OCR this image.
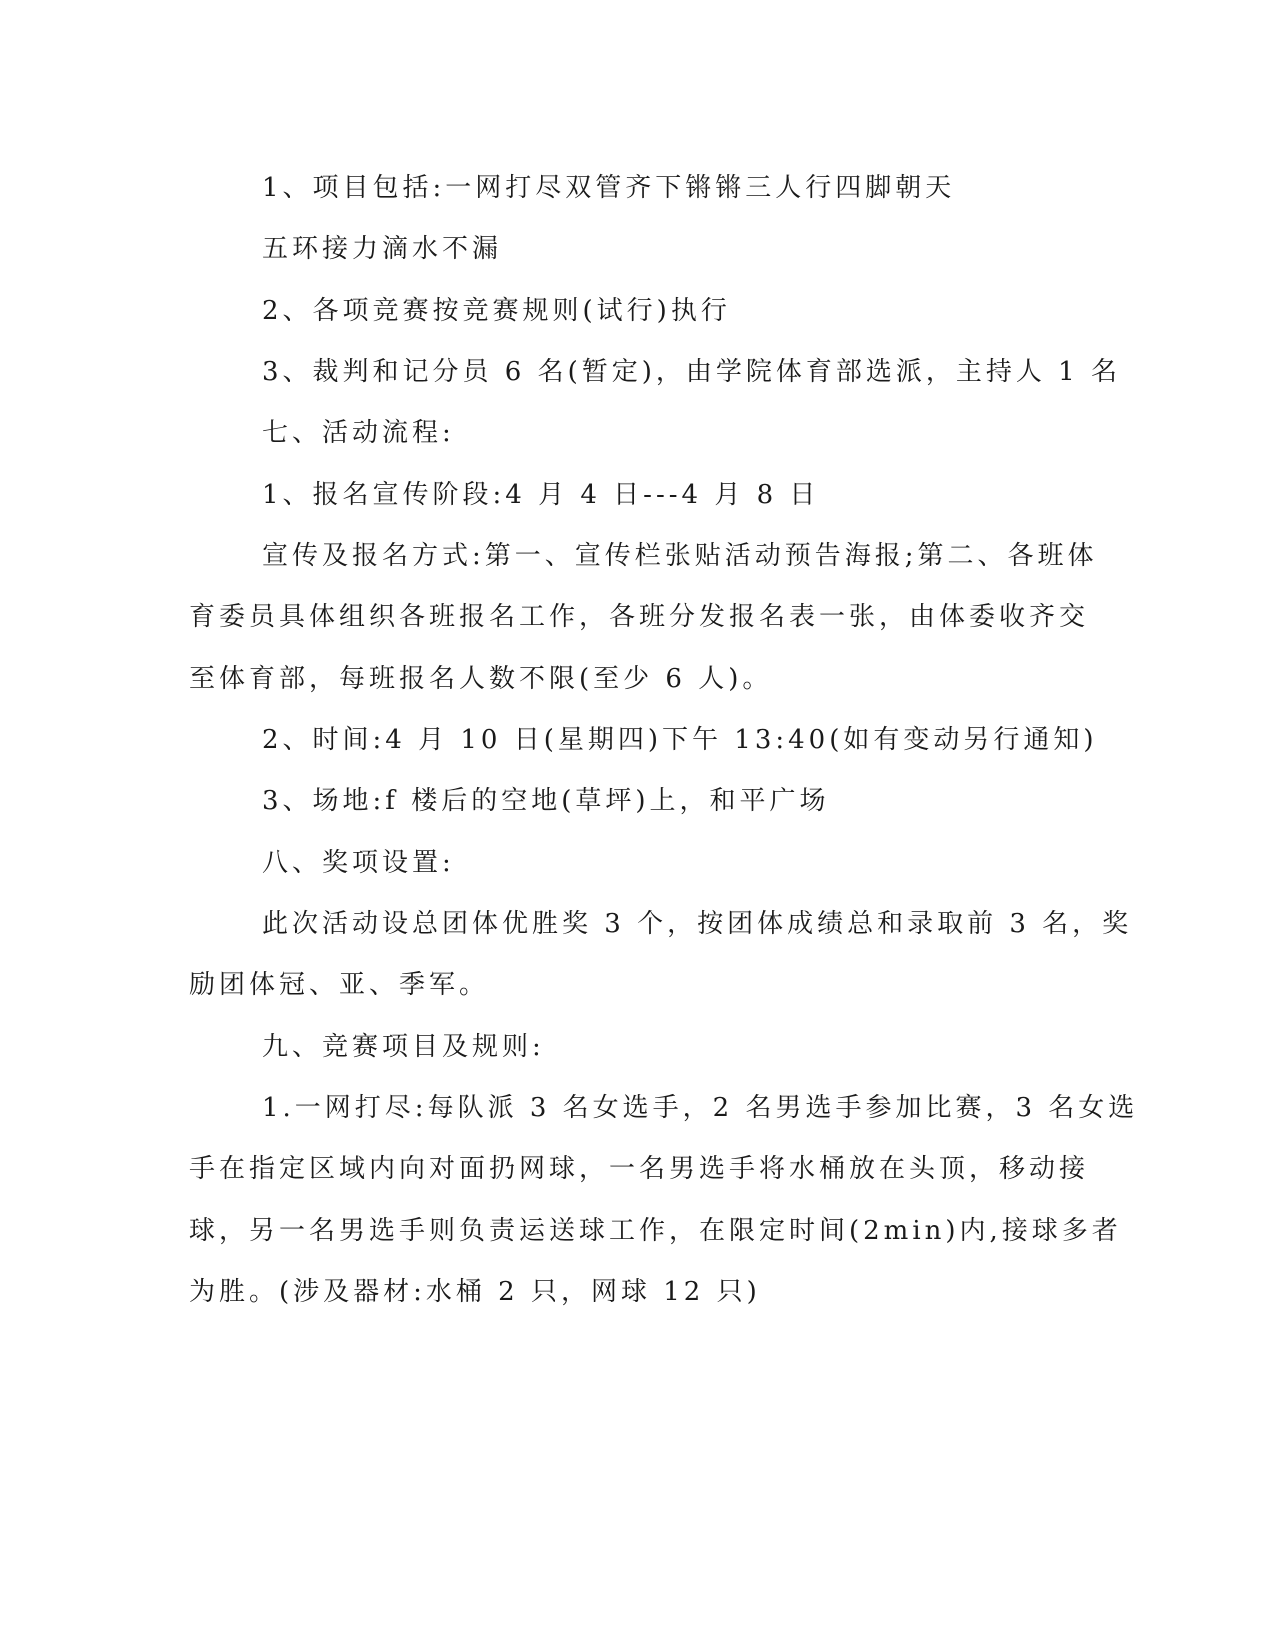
1、项目包括:一网打尽双管齐下锵锵三人行四脚朝天

五环接力滴水不漏

2、各项竞赛按竞赛规则(试行)执行

3、裁判和记分员 6 名(暂定)，由学院体育部选派，主持人 1 名

七、活动流程:

1、报名宣传阶段:4 月 4 日---4 月 8 日

宣传及报名方式:第一、宣传栏张贴活动预告海报;第二、各班体

育委员具体组织各班报名工作，各班分发报名表一张，由体委收齐交

至体育部，每班报名人数不限(至少 6 人)。

2、时间:4 月 10 日(星期四)下午 13:40(如有变动另行通知)

3、场地:f 楼后的空地(草坪)上，和平广场

八、奖项设置:

此次活动设总团体优胜奖 3 个，按团体成绩总和录取前 3 名，奖

励团体冠、亚、季军。

九、竞赛项目及规则:

1.一网打尽:每队派 3 名女选手，2 名男选手参加比赛，3 名女选

手在指定区域内向对面扔网球，一名男选手将水桶放在头顶，移动接

球，另一名男选手则负责运送球工作，在限定时间(2min)内,接球多者

为胜。(涉及器材:水桶 2 只，网球 12 只)
